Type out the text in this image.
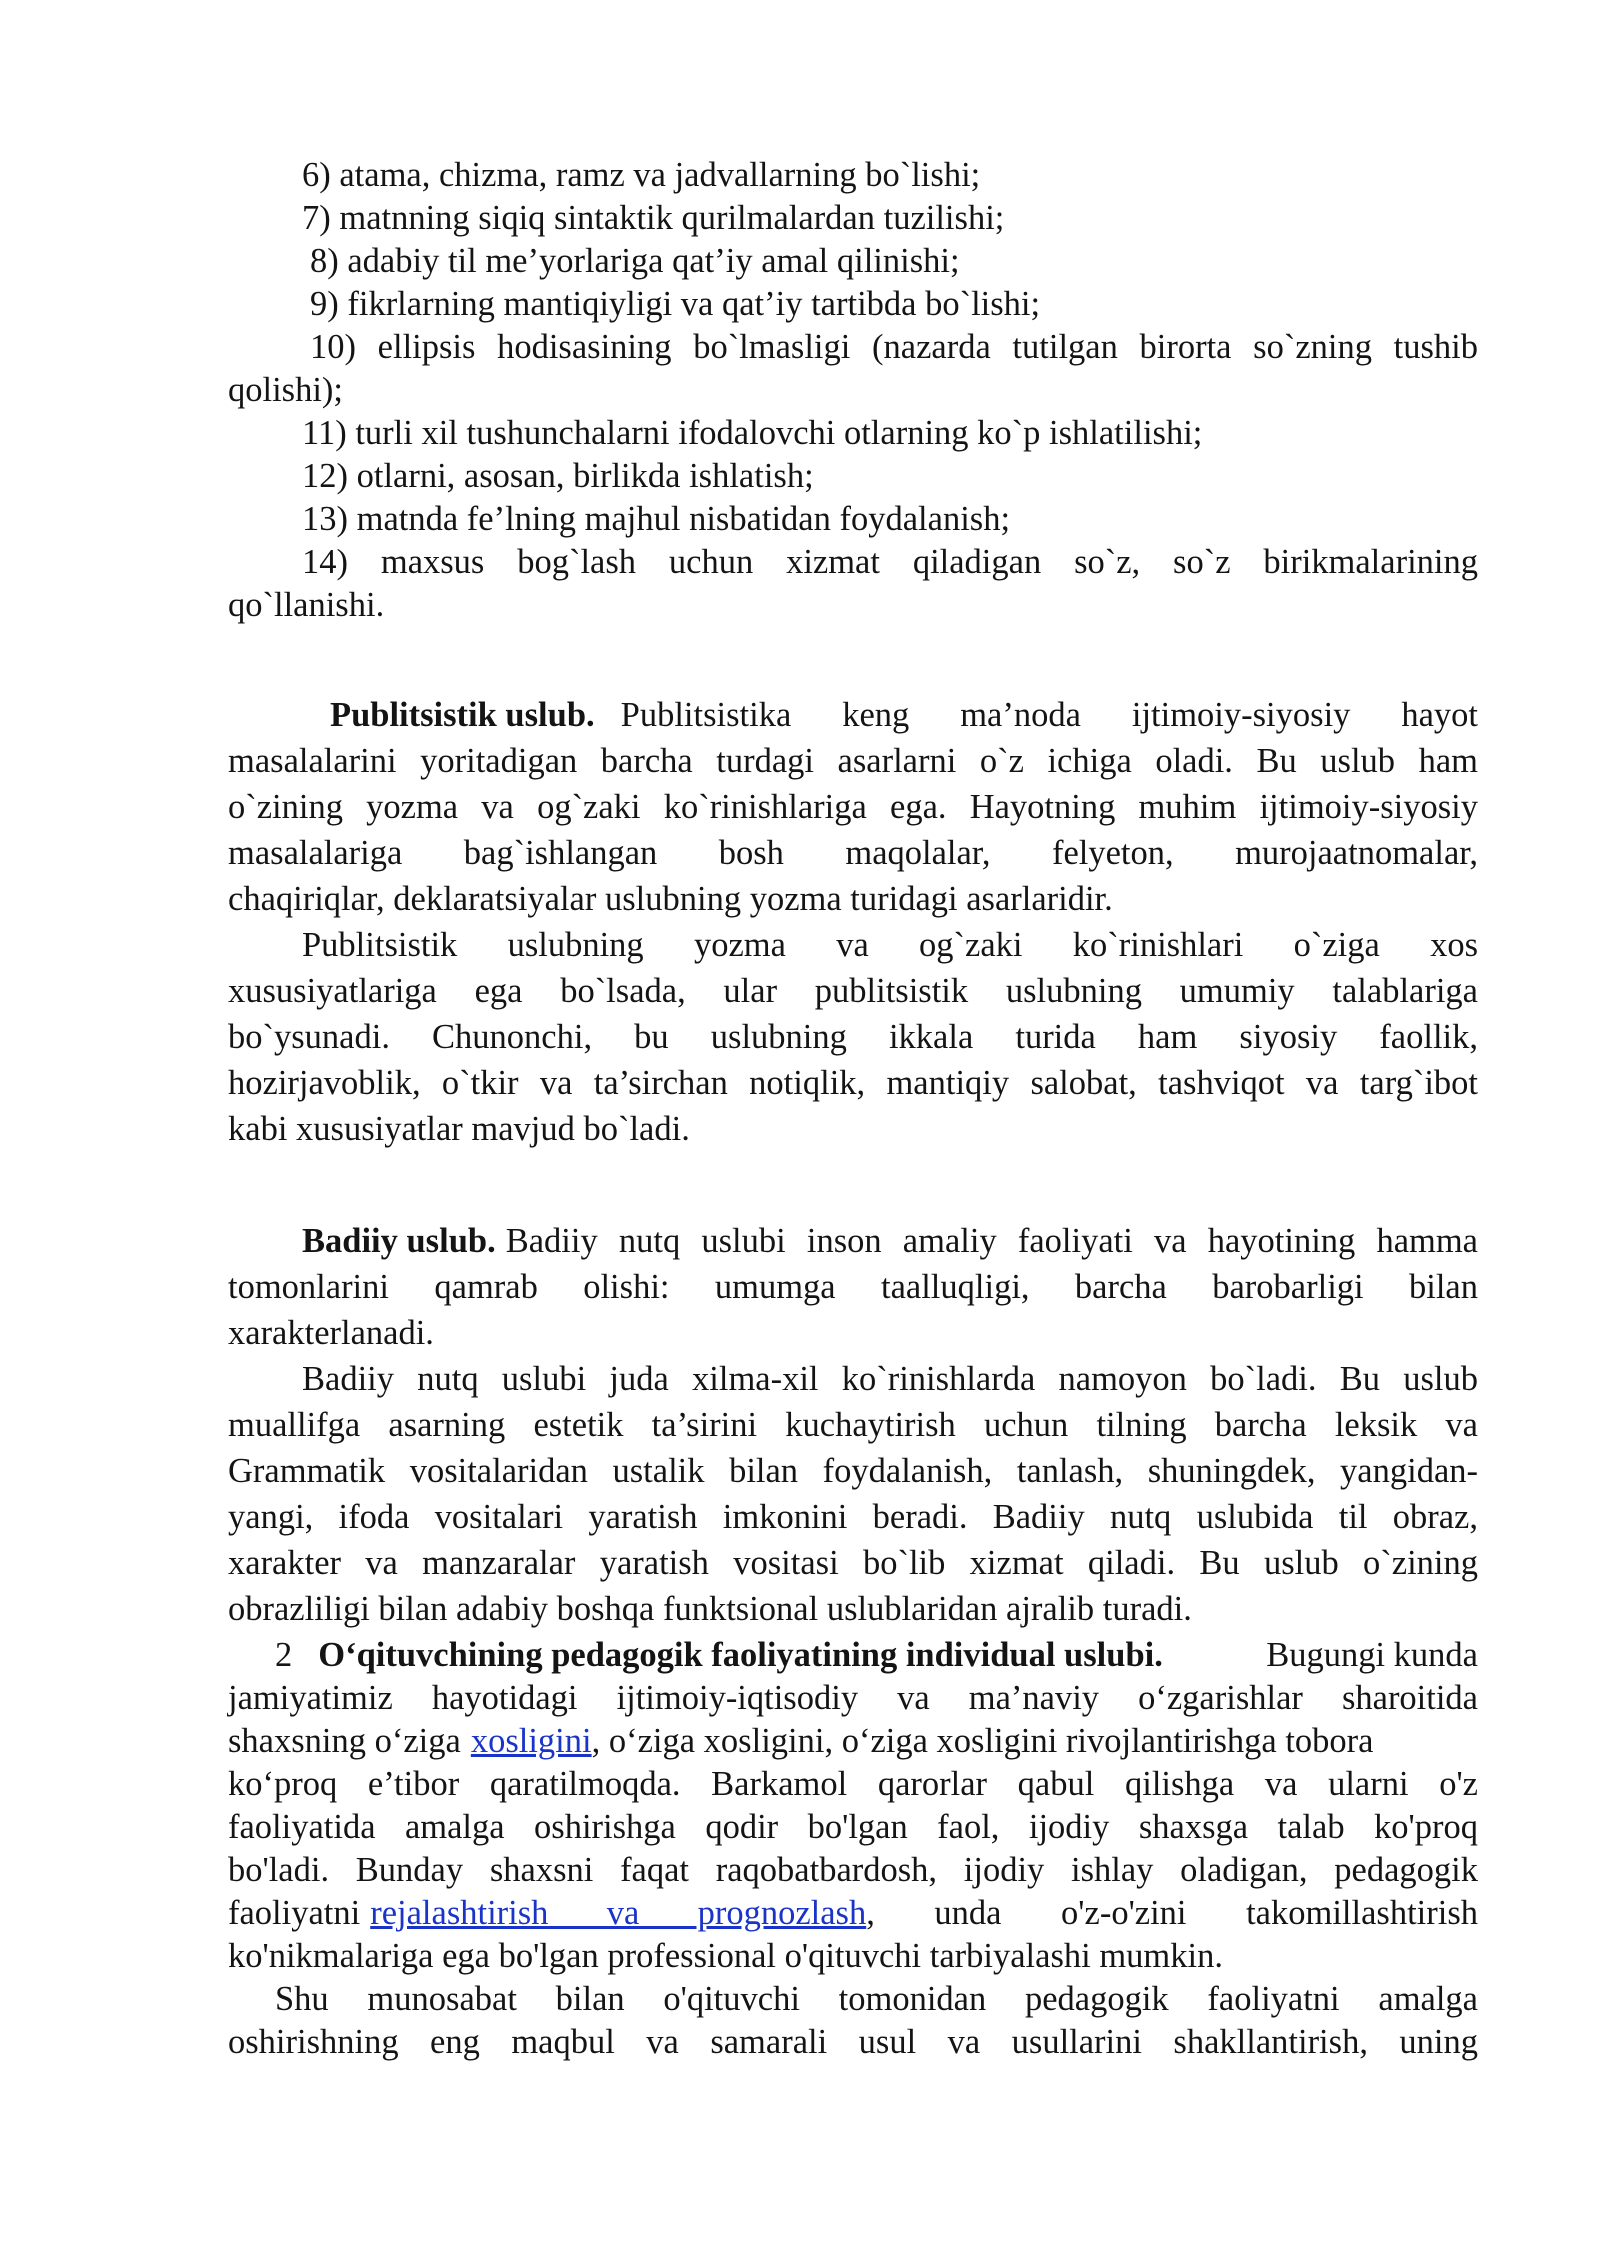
6) atama, chizma, ramz va jadvallarning bo`lishi;
7) matnning siqiq sintaktik qurilmalardan tuzilishi;
8) adabiy til me’yorlariga qat’iy amal qilinishi;
9) fikrlarning mantiqiyligi va qat’iy tartibda bo`lishi;
10) ellipsis hodisasining bo`lmasligi (nazarda tutilgan birorta so`zning tushib
qolishi);
11) turli xil tushunchalarni ifodalovchi otlarning ko`p ishlatilishi;
12) otlarni, asosan, birlikda ishlatish;
13) matnda fe’lning majhul nisbatidan foydalanish;
14) maxsus bog`lash uchun xizmat qiladigan so`z, so`z birikmalarining
qo`llanishi.
Publitsistik uslub. Publitsistika keng ma’noda ijtimoiy-siyosiy hayot
masalalarini yoritadigan barcha turdagi asarlarni o`z ichiga oladi. Bu uslub ham
o`zining yozma va og`zaki ko`rinishlariga ega. Hayotning muhim ijtimoiy-siyosiy
masalalariga bag`ishlangan bosh maqolalar, felyeton, murojaatnomalar,
chaqiriqlar, deklaratsiyalar uslubning yozma turidagi asarlaridir.
Publitsistik uslubning yozma va og`zaki ko`rinishlari o`ziga xos
xususiyatlariga ega bo`lsada, ular publitsistik uslubning umumiy talablariga
bo`ysunadi. Chunonchi, bu uslubning ikkala turida ham siyosiy faollik,
hozirjavoblik, o`tkir va ta’sirchan notiqlik, mantiqiy salobat, tashviqot va targ`ibot
kabi xususiyatlar mavjud bo`ladi.
Badiiy uslub. Badiiy nutq uslubi inson amaliy faoliyati va hayotining hamma
tomonlarini qamrab olishi: umumga taalluqligi, barcha barobarligi bilan
xarakterlanadi.
Badiiy nutq uslubi juda xilma-xil ko`rinishlarda namoyon bo`ladi. Bu uslub
muallifga asarning estetik ta’sirini kuchaytirish uchun tilning barcha leksik va
Grammatik vositalaridan ustalik bilan foydalanish, tanlash, shuningdek, yangidan-
yangi, ifoda vositalari yaratish imkonini beradi. Badiiy nutq uslubida til obraz,
xarakter va manzaralar yaratish vositasi bo`lib xizmat qiladi. Bu uslub o`zining
obrazliligi bilan adabiy boshqa funktsional uslublaridan ajralib turadi.
2 O‘qituvchining pedagogik faoliyatining individual uslubi.	Bugungi kunda
jamiyatimiz hayotidagi ijtimoiy-iqtisodiy va ma’naviy o‘zgarishlar sharoitida
shaxsning o‘ziga xosligini , o‘ziga xosligini, o‘ziga xosligini rivojlantirishga tobora
ko‘proq e’tibor qaratilmoqda. Barkamol qarorlar qabul qilishga va ularni o'z
faoliyatida amalga oshirishga qodir bo'lgan faol, ijodiy shaxsga talab ko'proq
bo'ladi. Bunday shaxsni faqat raqobatbardosh, ijodiy ishlay oladigan, pedagogik
faoliyatni rejalashtirish va prognozlash , unda o'z-o'zini takomillashtirish
ko'nikmalariga ega bo'lgan professional o'qituvchi tarbiyalashi mumkin.
Shu munosabat bilan o'qituvchi tomonidan pedagogik faoliyatni amalga
oshirishning eng maqbul va samarali usul va usullarini shakllantirish, uning
